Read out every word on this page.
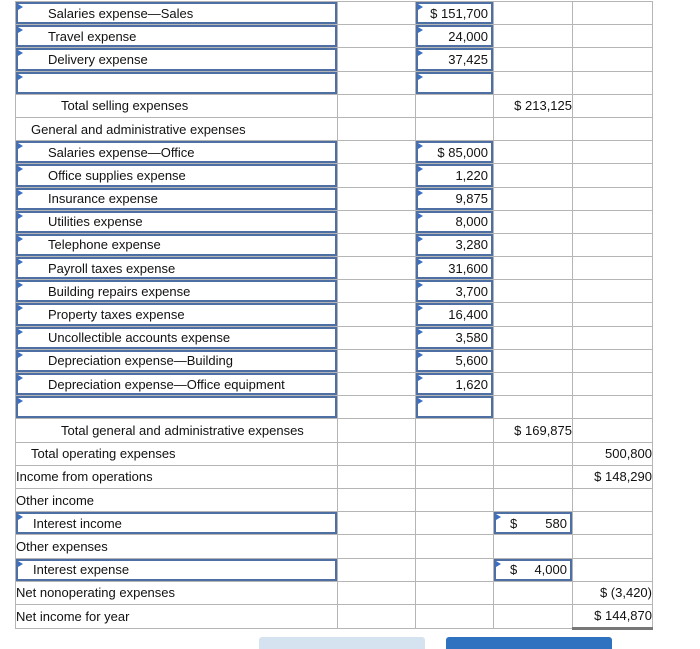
Salaries expense—Sales		$ 151,700		

Travel expense		24,000		

Delivery expense		37,425		

Total selling expenses			$ 213,125	

General and administrative expenses				

Salaries expense—Office		$ 85,000		

Office supplies expense		1,220		

Insurance expense		9,875		

Utilities expense		8,000		

Telephone expense		3,280		

Payroll taxes expense		31,600		

Building repairs expense		3,700		

Property taxes expense		16,400		

Uncollectible accounts expense		3,580		

Depreciation expense—Building		5,600		

Depreciation expense—Office equipment		1,620		

Total general and administrative expenses			$ 169,875	

Total operating expenses				500,800

Income from operations				$ 148,290

Other income				

Interest income			$ 580	

Other expenses				

Interest expense			$ 4,000	

Net nonoperating expenses				$ (3,420)

Net income for year				$ 144,870
